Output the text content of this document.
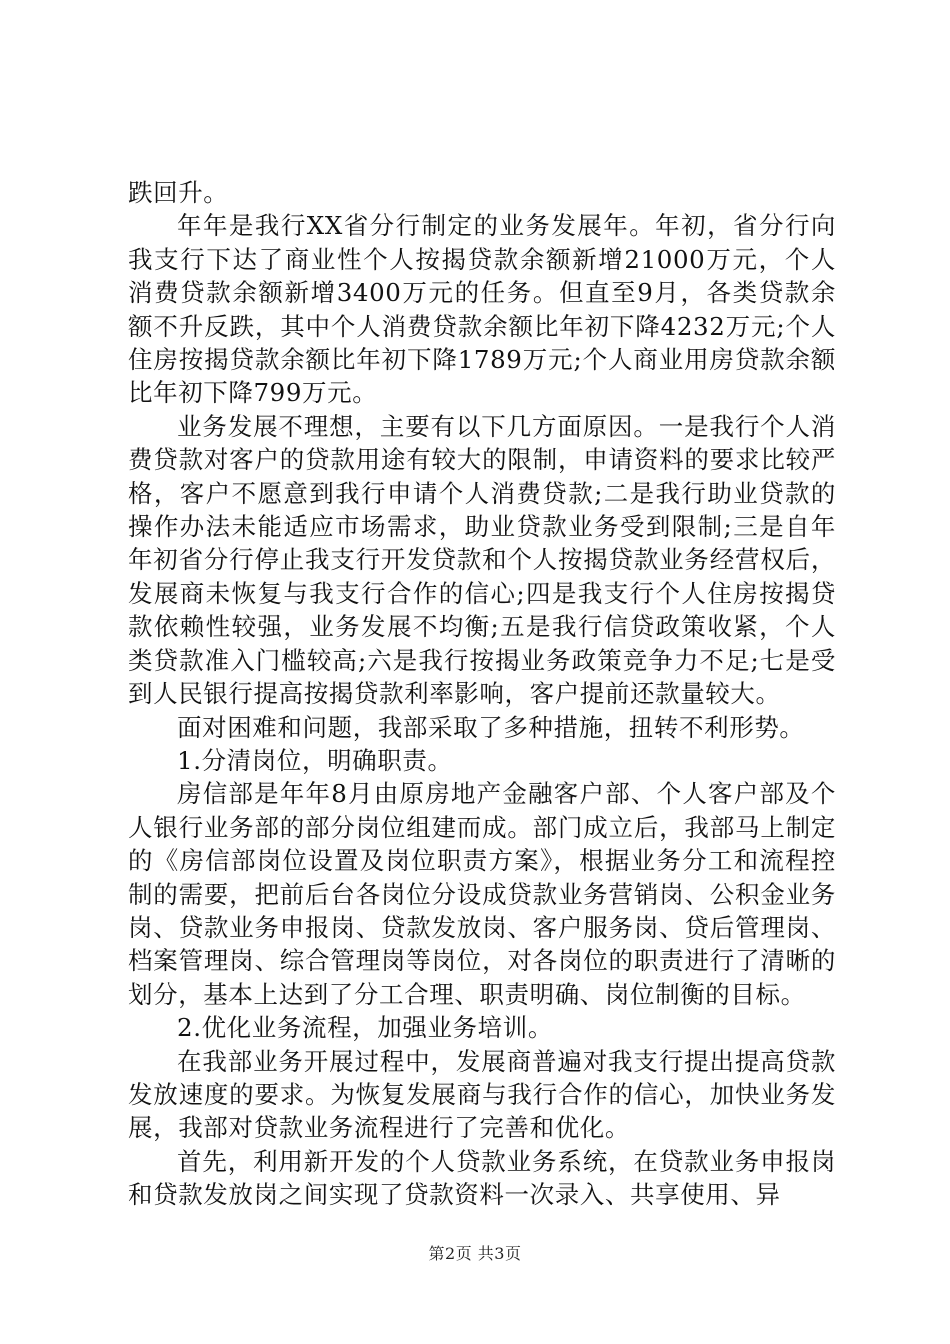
跌回升。

年年是我行XX省分行制定的业务发展年。年初，省分行向我支行下达了商业性个人按揭贷款余额新增21000万元，个人消费贷款余额新增3400万元的任务。但直至9月，各类贷款余额不升反跌，其中个人消费贷款余额比年初下降4232万元;个人住房按揭贷款余额比年初下降1789万元;个人商业用房贷款余额比年初下降799万元。

业务发展不理想，主要有以下几方面原因。一是我行个人消费贷款对客户的贷款用途有较大的限制，申请资料的要求比较严格，客户不愿意到我行申请个人消费贷款;二是我行助业贷款的操作办法未能适应市场需求，助业贷款业务受到限制;三是自年年初省分行停止我支行开发贷款和个人按揭贷款业务经营权后，发展商未恢复与我支行合作的信心;四是我支行个人住房按揭贷款依赖性较强，业务发展不均衡;五是我行信贷政策收紧，个人类贷款准入门槛较高;六是我行按揭业务政策竞争力不足;七是受到人民银行提高按揭贷款利率影响，客户提前还款量较大。

面对困难和问题，我部采取了多种措施，扭转不利形势。

1.分清岗位，明确职责。

房信部是年年8月由原房地产金融客户部、个人客户部及个人银行业务部的部分岗位组建而成。部门成立后，我部马上制定的《房信部岗位设置及岗位职责方案》，根据业务分工和流程控制的需要，把前后台各岗位分设成贷款业务营销岗、公积金业务岗、贷款业务申报岗、贷款发放岗、客户服务岗、贷后管理岗、档案管理岗、综合管理岗等岗位，对各岗位的职责进行了清晰的划分，基本上达到了分工合理、职责明确、岗位制衡的目标。

2.优化业务流程，加强业务培训。

在我部业务开展过程中，发展商普遍对我支行提出提高贷款发放速度的要求。为恢复发展商与我行合作的信心，加快业务发展，我部对贷款业务流程进行了完善和优化。

首先，利用新开发的个人贷款业务系统，在贷款业务申报岗和贷款发放岗之间实现了贷款资料一次录入、共享使用、异

第2页 共3页
